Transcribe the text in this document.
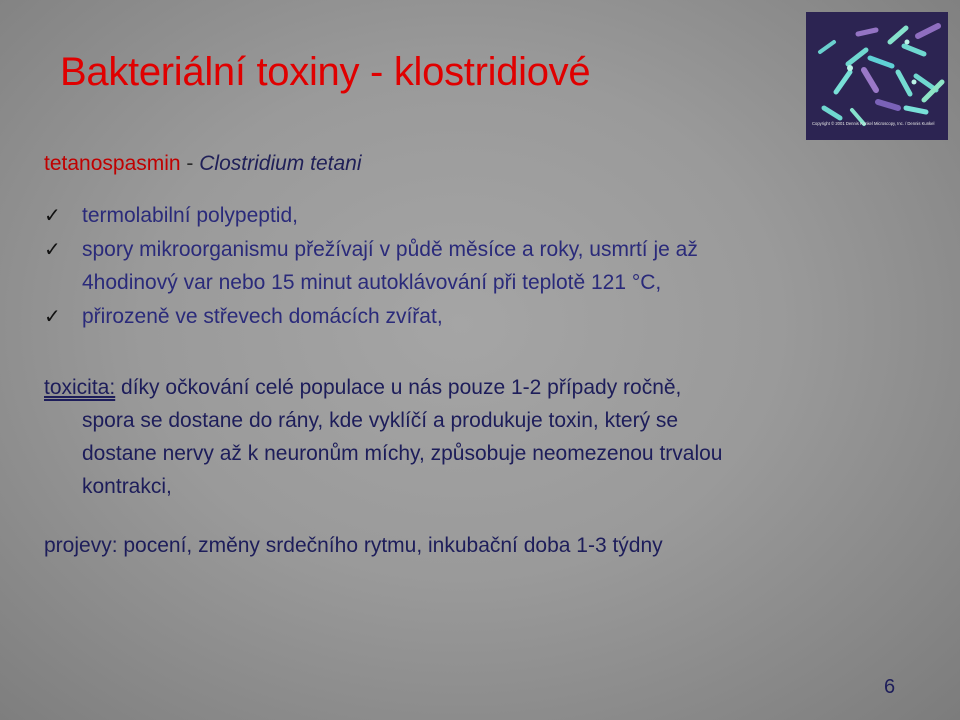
Bakteriální toxiny - klostridiové
Copyright © 2001 Dennis Kunkel Microscopy, Inc. / Dennis Kunkel
tetanospasmin - Clostridium tetani
✓	termolabilní polypeptid,
✓	spory mikroorganismu přežívají v půdě měsíce a roky, usmrtí je až
4hodinový var nebo 15 minut autoklávování při teplotě 121 °C,
✓	přirozeně ve střevech domácích zvířat,
toxicita: díky očkování celé populace u nás pouze 1-2 případy ročně,
spora se dostane do rány, kde vyklíčí a produkuje toxin, který se
dostane nervy až k neuronům míchy, způsobuje neomezenou trvalou
kontrakci,
projevy: pocení, změny srdečního rytmu, inkubační doba 1-3 týdny
6
